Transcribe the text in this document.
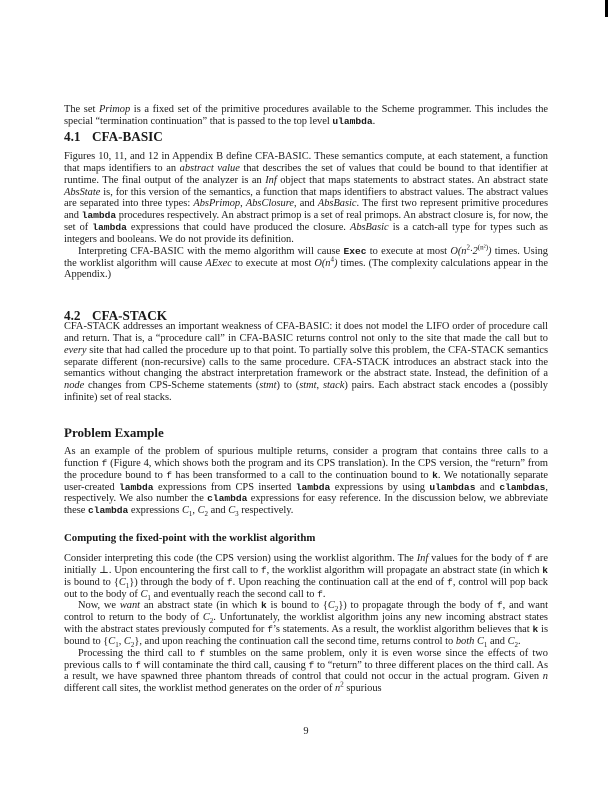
The set Primop is a fixed set of the primitive procedures available to the Scheme programmer. This includes the special “termination continuation” that is passed to the top level ulambda.

4.1 CFA-BASIC

Figures 10, 11, and 12 in Appendix B define CFA-BASIC. These semantics compute, at each statement, a function that maps identifiers to an abstract value that describes the set of values that could be bound to that identifier at runtime. The final output of the analyzer is an Inf object that maps statements to abstract states. An abstract state AbsState is, for this version of the semantics, a function that maps identifiers to abstract values. The abstract values are separated into three types: AbsPrimop, AbsClosure, and AbsBasic. The first two represent primitive procedures and lambda procedures respectively. An abstract primop is a set of real primops. An abstract closure is, for now, the set of lambda expressions that could have produced the closure. AbsBasic is a catch-all type for types such as integers and booleans. We do not provide its definition.

Interpreting CFA-BASIC with the memo algorithm will cause Exec to execute at most $O(n^2\cdot 2^{(n^2)})$ times. Using the worklist algorithm will cause AExec to execute at most $O(n^4)$ times. (The complexity calculations appear in the Appendix.)

4.2 CFA-STACK

CFA-STACK addresses an important weakness of CFA-BASIC: it does not model the LIFO order of procedure call and return. That is, a “procedure call” in CFA-BASIC returns control not only to the site that made the call but to every site that had called the procedure up to that point. To partially solve this problem, the CFA-STACK semantics separate different (non-recursive) calls to the same procedure. CFA-STACK introduces an abstract stack into the semantics without changing the abstract interpretation framework or the abstract state. Instead, the definition of a node changes from CPS-Scheme statements (stmt) to (stmt, stack) pairs. Each abstract stack encodes a (possibly infinite) set of real stacks.

Problem Example

As an example of the problem of spurious multiple returns, consider a program that contains three calls to a function f (Figure 4, which shows both the program and its CPS translation). In the CPS version, the “return” from the procedure bound to f has been transformed to a call to the continuation bound to k. We notationally separate user-created lambda expressions from CPS inserted lambda expressions by using ulambdas and clambdas, respectively. We also number the clambda expressions for easy reference. In the discussion below, we abbreviate these clambda expressions $C_1$, $C_2$ and $C_3$ respectively.

Computing the fixed-point with the worklist algorithm

Consider interpreting this code (the CPS version) using the worklist algorithm. The Inf values for the body of f are initially ⊥. Upon encountering the first call to f, the worklist algorithm will propagate an abstract state (in which k is bound to $\{C_1\}$) through the body of f. Upon reaching the continuation call at the end of f, control will pop back out to the body of $C_1$ and eventually reach the second call to f.

Now, we want an abstract state (in which k is bound to $\{C_2\}$) to propagate through the body of f, and want control to return to the body of $C_2$. Unfortunately, the worklist algorithm joins any new incoming abstract states with the abstract states previously computed for f’s statements. As a result, the worklist algorithm believes that k is bound to {$C_1$, $C_2$}, and upon reaching the continuation call the second time, returns control to both $C_1$ and $C_2$.

Processing the third call to f stumbles on the same problem, only it is even worse since the effects of two previous calls to f will contaminate the third call, causing f to “return” to three different places on the third call. As a result, we have spawned three phantom threads of control that could not occur in the actual program. Given n different call sites, the worklist method generates on the order of $n^2$ spurious

9
